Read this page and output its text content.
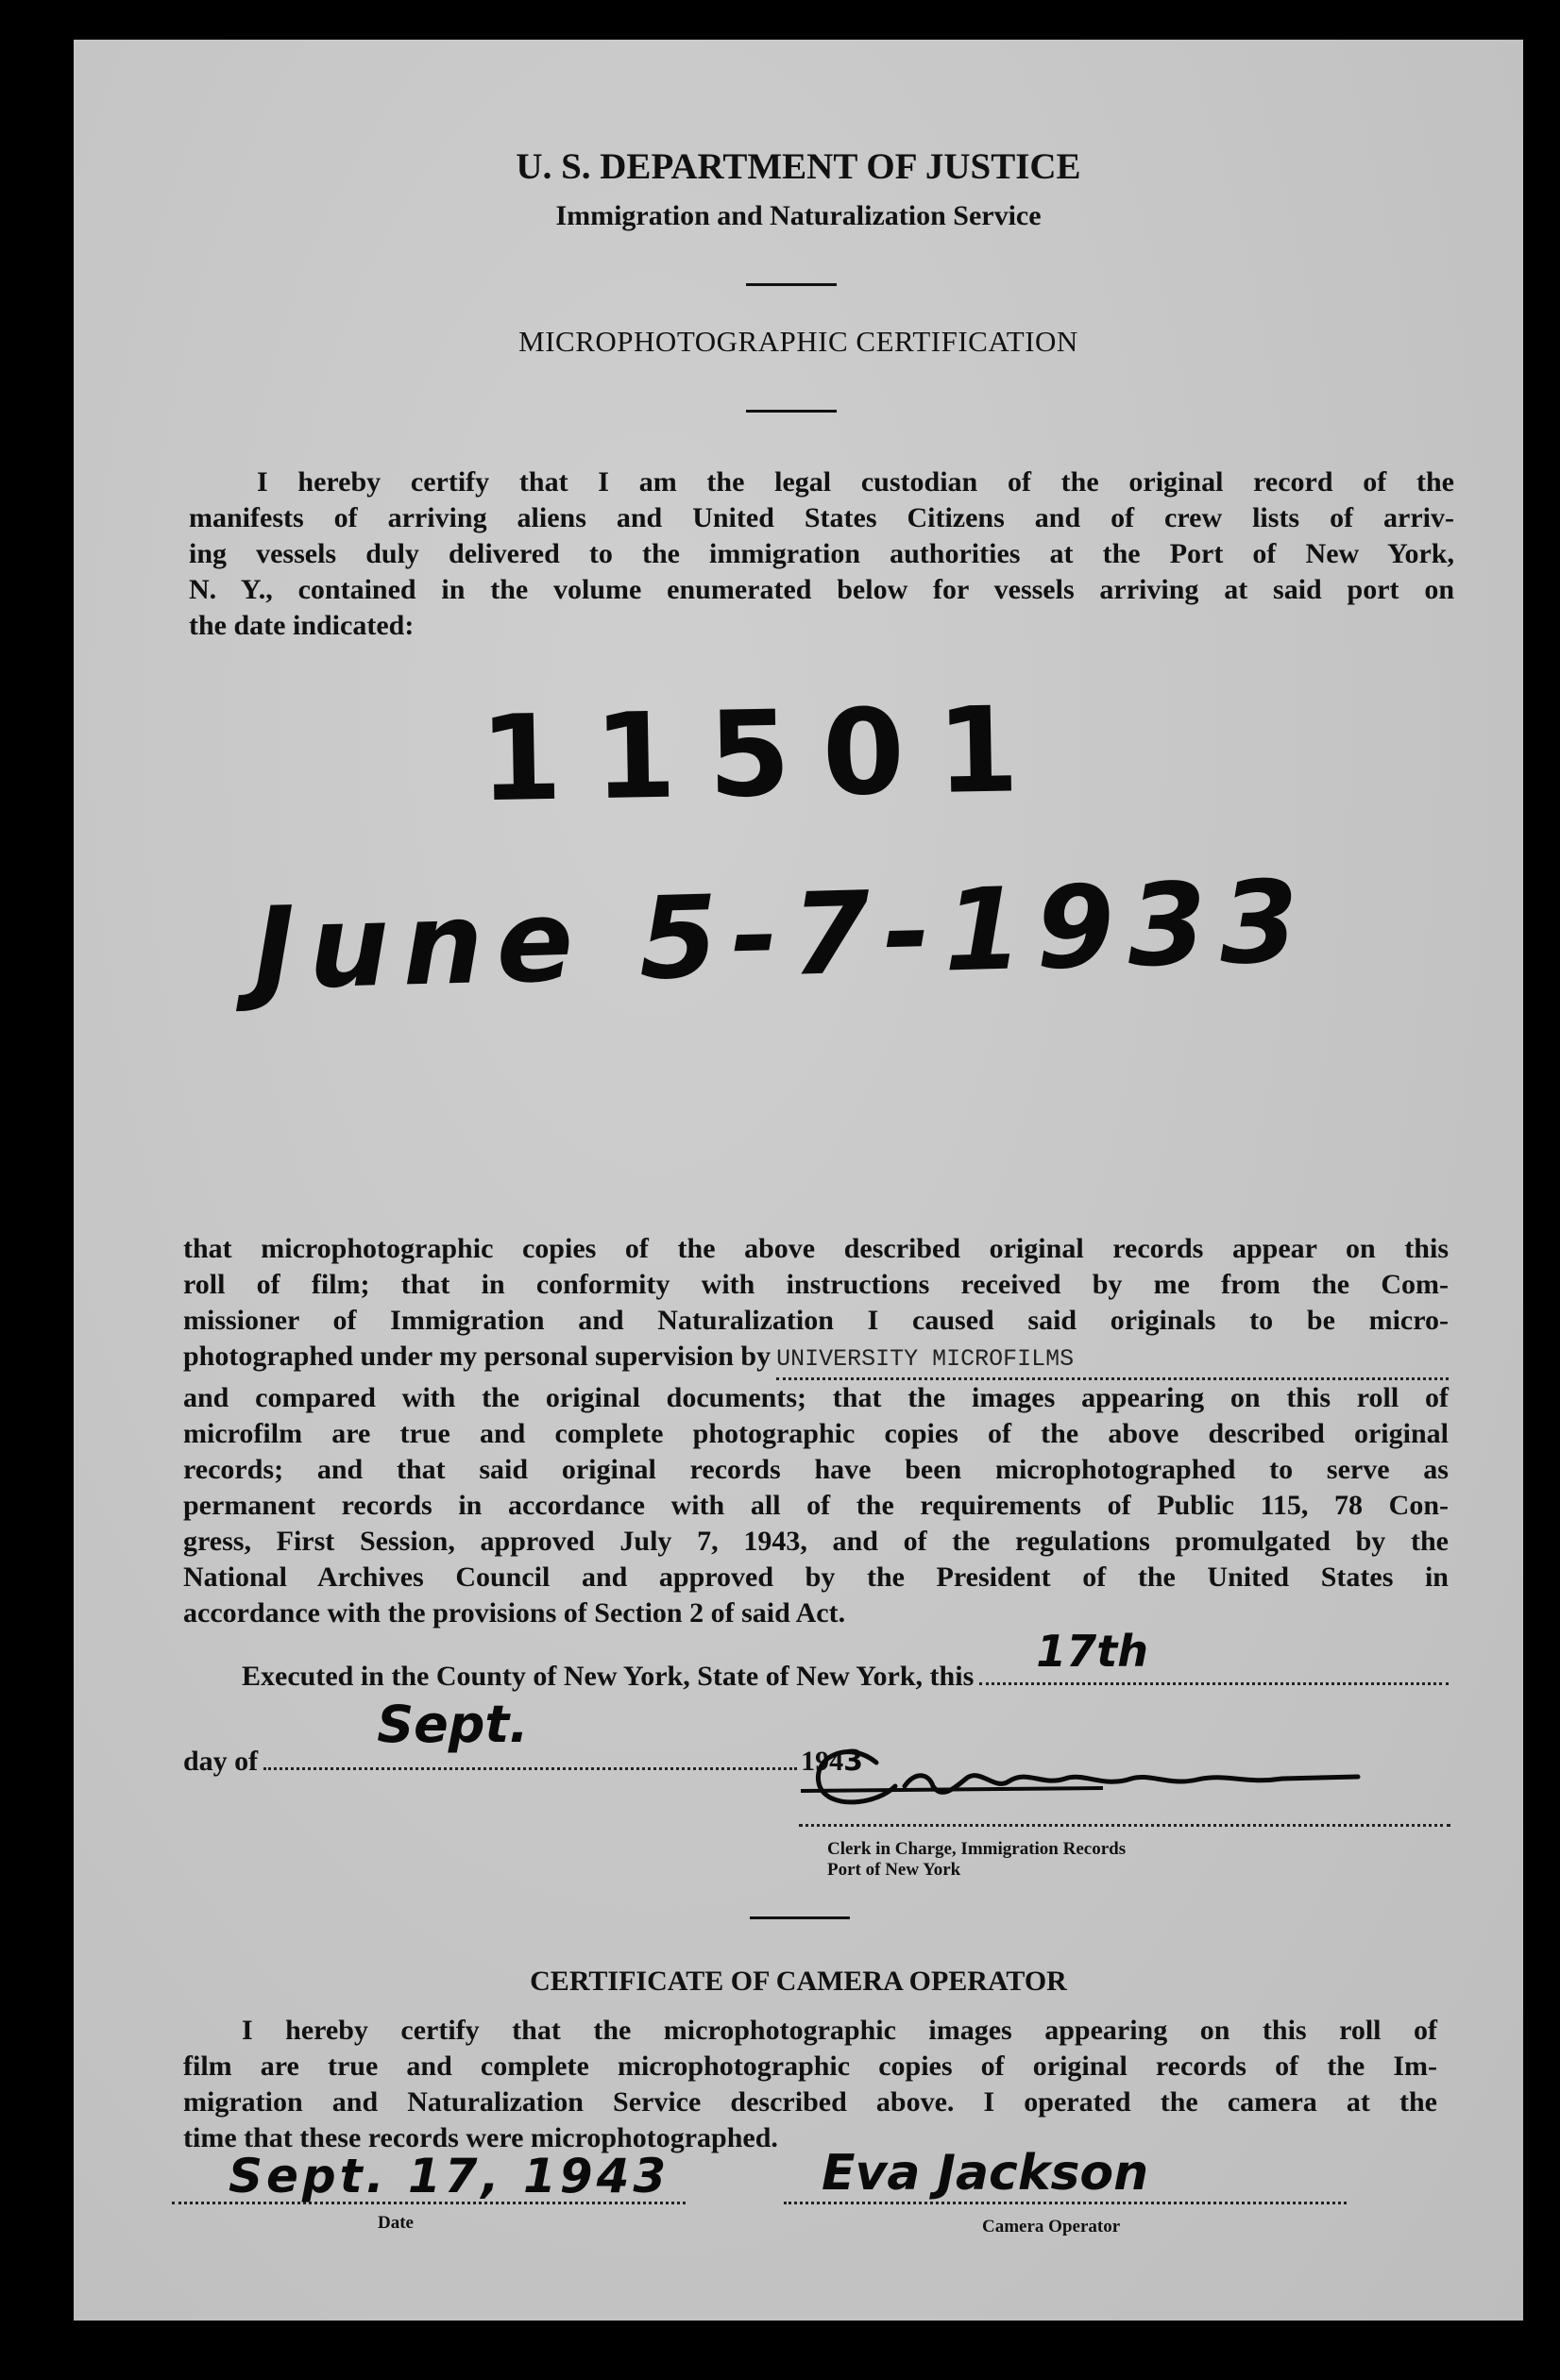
U. S. DEPARTMENT OF JUSTICE
Immigration and Naturalization Service
MICROPHOTOGRAPHIC CERTIFICATION
I hereby certify that I am the legal custodian of the original record of the
manifests of arriving aliens and United States Citizens and of crew lists of arriv-
ing vessels duly delivered to the immigration authorities at the Port of New York,
N. Y., contained in the volume enumerated below for vessels arriving at said port on
the date indicated:
11501
June 5-7-1933
that microphotographic copies of the above described original records appear on this
roll of film; that in conformity with instructions received by me from the Com-
missioner of Immigration and Naturalization I caused said originals to be micro-
photographed under my personal supervision by UNIVERSITY MICROFILMS
and compared with the original documents; that the images appearing on this roll of
microfilm are true and complete photographic copies of the above described original
records; and that said original records have been microphotographed to serve as
permanent records in accordance with all of the requirements of Public 115, 78 Con-
gress, First Session, approved July 7, 1943, and of the regulations promulgated by the
National Archives Council and approved by the President of the United States in
accordance with the provisions of Section 2 of said Act.
Executed in the County of New York, State of New York, this 17th
day of
Sept.
194 3
Clerk in Charge, Immigration Records
Port of New York
CERTIFICATE OF CAMERA OPERATOR
I hereby certify that the microphotographic images appearing on this roll of
film are true and complete microphotographic copies of original records of the Im-
migration and Naturalization Service described above. I operated the camera at the
time that these records were microphotographed.
Sept. 17, 1943
Date
Eva Jackson
Camera Operator
